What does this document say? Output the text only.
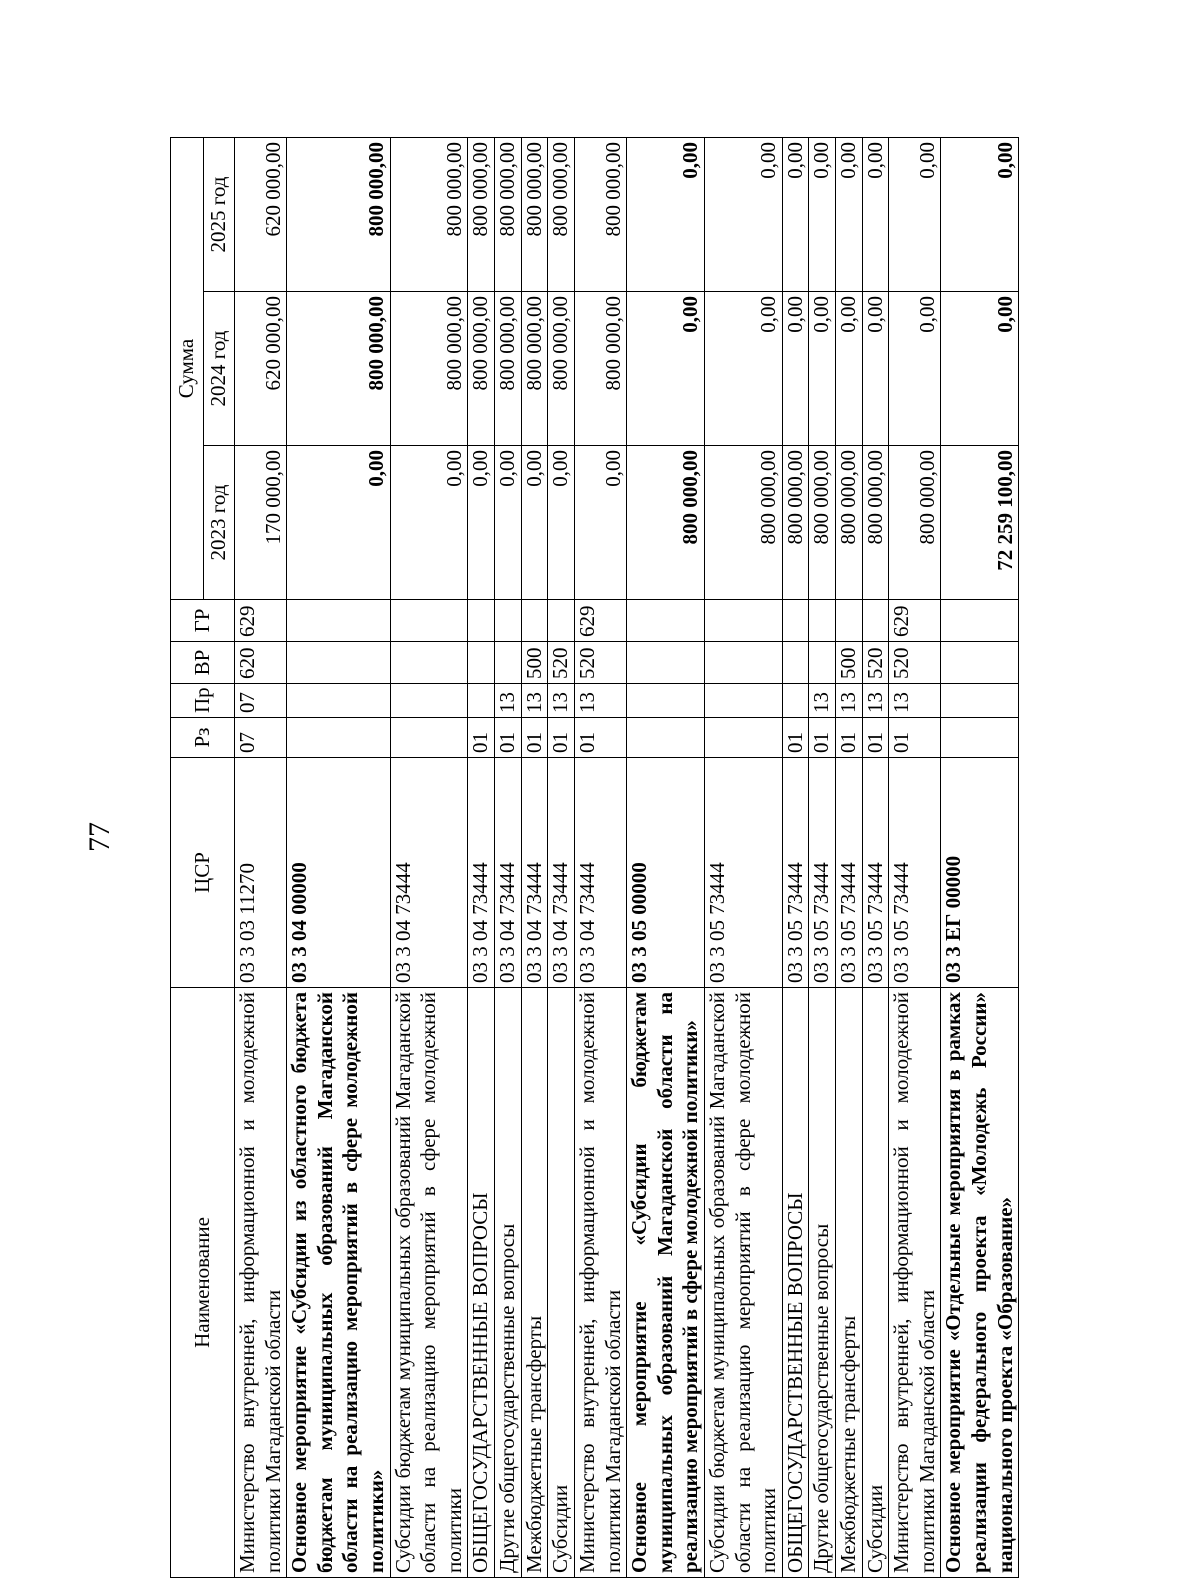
77
Наименование	ЦСР	Рз	Пр	ВР	ГР	Сумма		
						2023 год	2024 год	2025 год
Министерство внутренней, информационной и молодежной политики Магаданской области	03 3 03 11270	07	07	620	629	170 000,00	620 000,00	620 000,00
Основное мероприятие «Субсидии из областного бюджета бюджетам муниципальных образований Магаданской области на реализацию мероприятий в сфере молодежной политики»	03 3 04 00000					0,00	800 000,00	800 000,00
Субсидии бюджетам муниципальных образований Магаданской области на реализацию мероприятий в сфере молодежной политики	03 3 04 73444					0,00	800 000,00	800 000,00
ОБЩЕГОСУДАРСТВЕННЫЕ ВОПРОСЫ	03 3 04 73444	01				0,00	800 000,00	800 000,00
Другие общегосударственные вопросы	03 3 04 73444	01	13			0,00	800 000,00	800 000,00
Межбюджетные трансферты	03 3 04 73444	01	13	500		0,00	800 000,00	800 000,00
Субсидии	03 3 04 73444	01	13	520		0,00	800 000,00	800 000,00
Министерство внутренней, информационной и молодежной политики Магаданской области	03 3 04 73444	01	13	520	629	0,00	800 000,00	800 000,00
Основное мероприятие «Субсидии бюджетам муниципальных образований Магаданской области на реализацию мероприятий в сфере молодежной политики»	03 3 05 00000					800 000,00	0,00	0,00
Субсидии бюджетам муниципальных образований Магаданской области на реализацию мероприятий в сфере молодежной политики	03 3 05 73444					800 000,00	0,00	0,00
ОБЩЕГОСУДАРСТВЕННЫЕ ВОПРОСЫ	03 3 05 73444	01				800 000,00	0,00	0,00
Другие общегосударственные вопросы	03 3 05 73444	01	13			800 000,00	0,00	0,00
Межбюджетные трансферты	03 3 05 73444	01	13	500		800 000,00	0,00	0,00
Субсидии	03 3 05 73444	01	13	520		800 000,00	0,00	0,00
Министерство внутренней, информационной и молодежной политики Магаданской области	03 3 05 73444	01	13	520	629	800 000,00	0,00	0,00
Основное мероприятие «Отдельные мероприятия в рамках реализации федерального проекта «Молодежь России» национального проекта «Образование»	03 3 ЕГ 00000					72 259 100,00	0,00	0,00
